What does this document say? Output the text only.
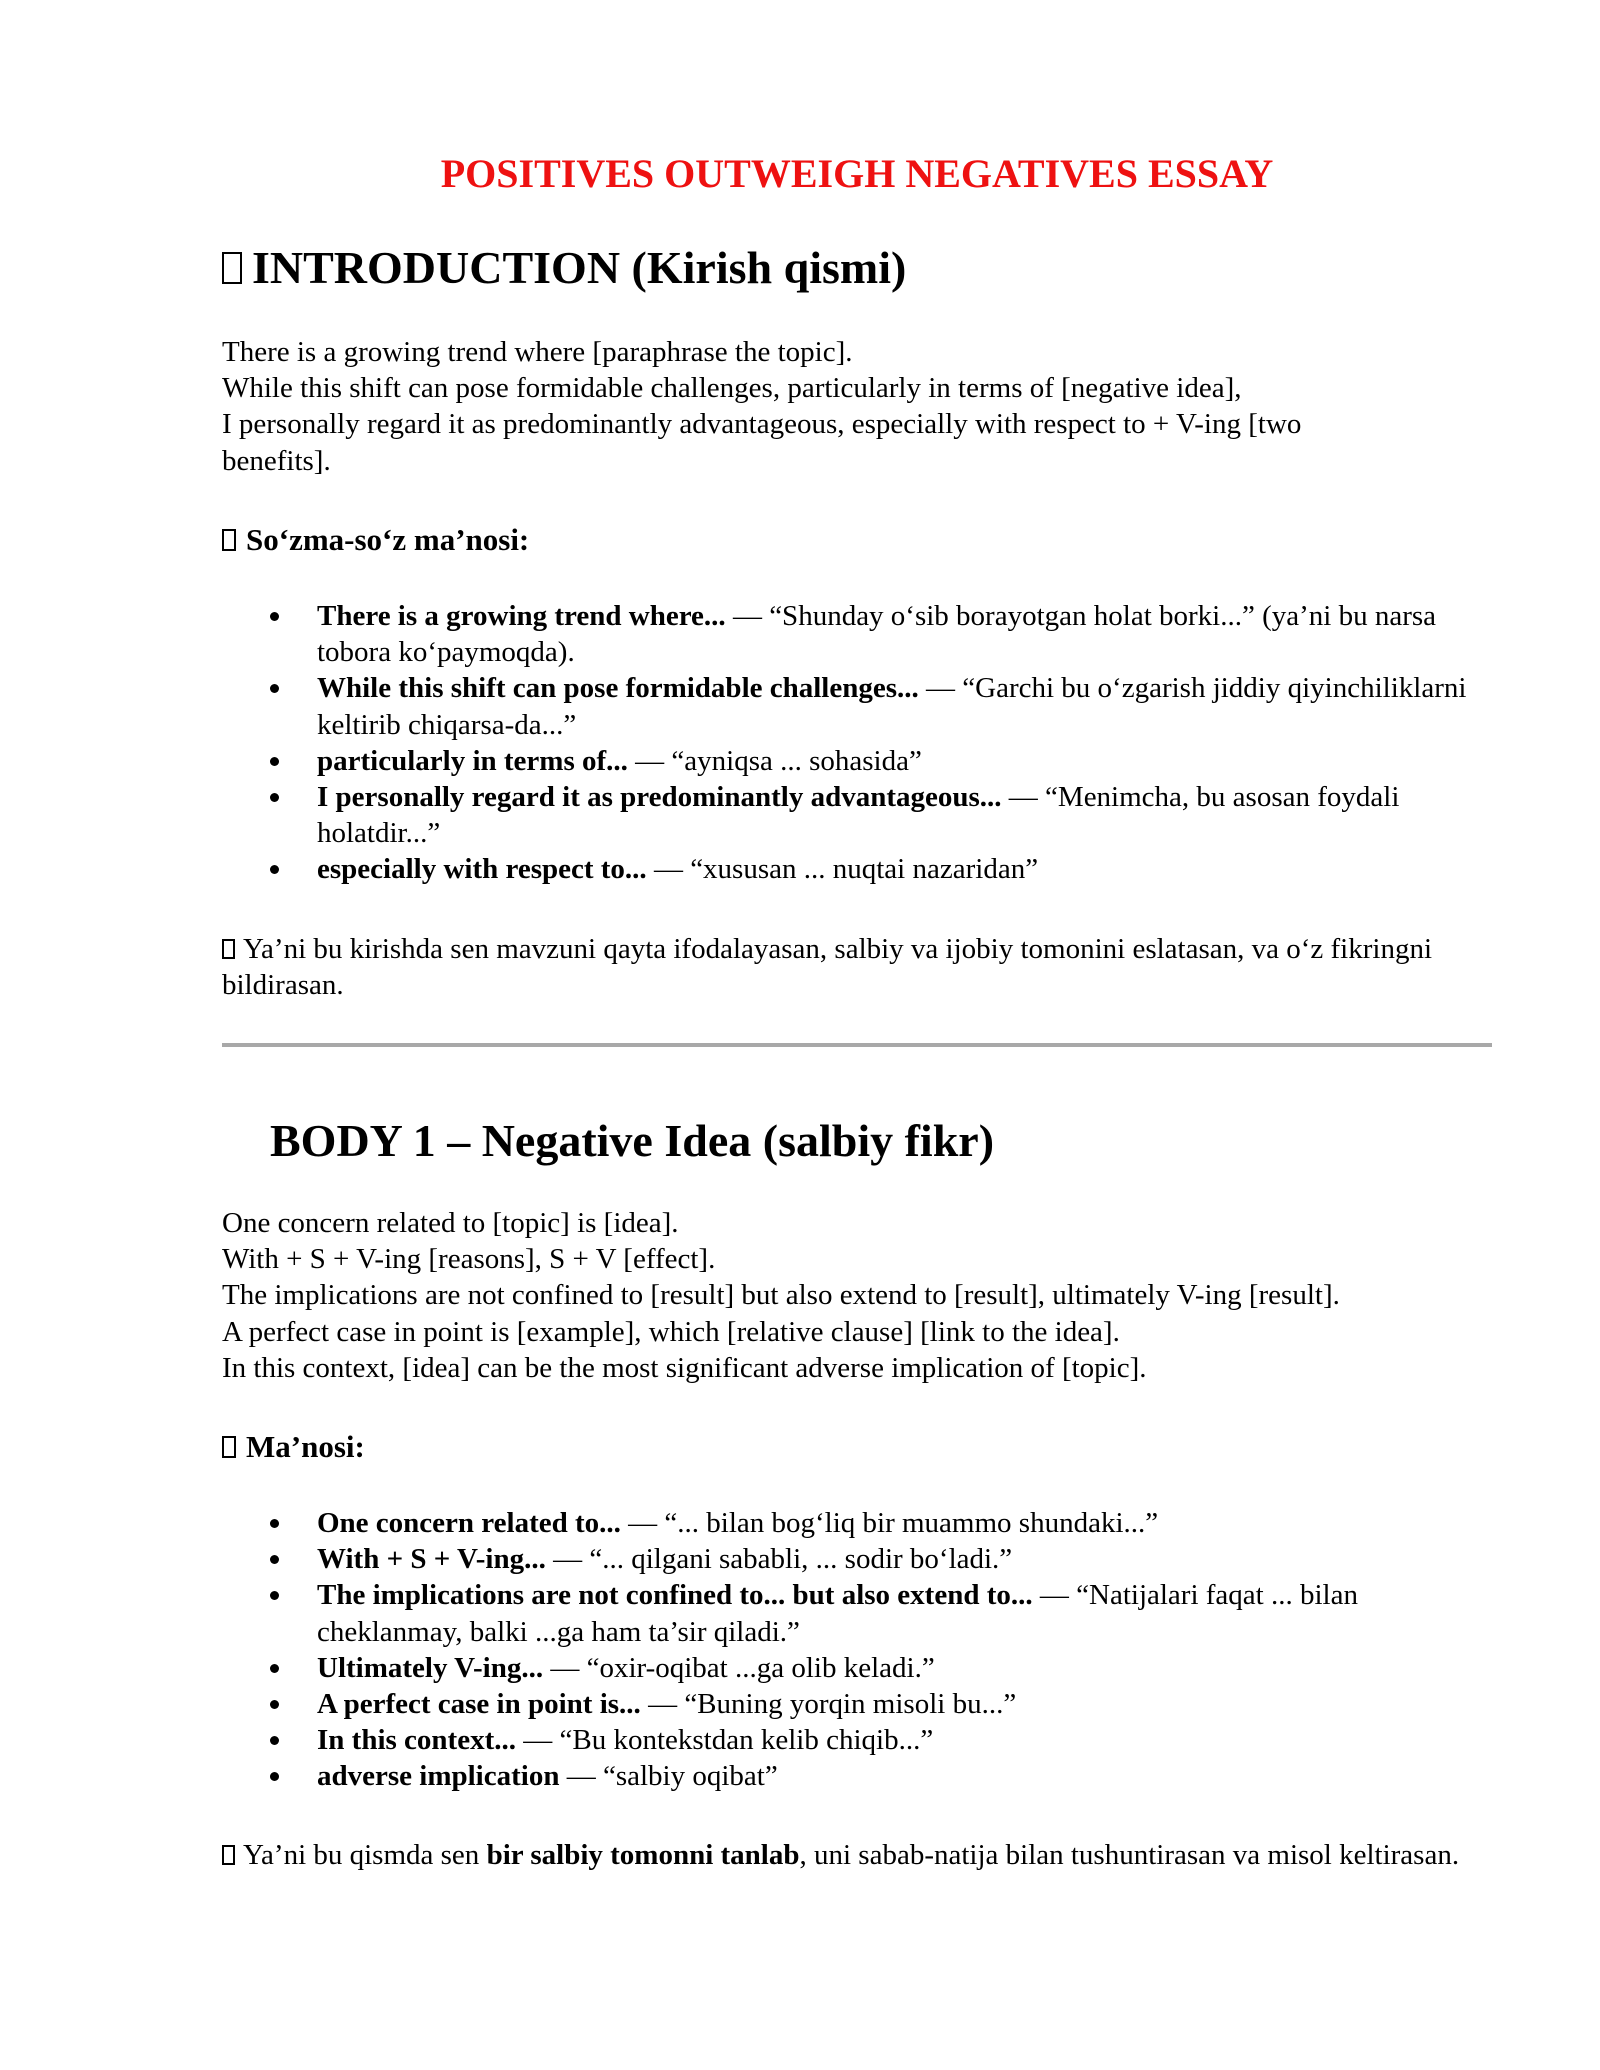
POSITIVES OUTWEIGH NEGATIVES ESSAY
INTRODUCTION (Kirish qismi)
There is a growing trend where [paraphrase the topic].
While this shift can pose formidable challenges, particularly in terms of [negative idea],
I personally regard it as predominantly advantageous, especially with respect to + V-ing [two
benefits].
So‘zma-so‘z ma’nosi:
There is a growing trend where... — “Shunday o‘sib borayotgan holat borki...” (ya’ni bu narsa tobora ko‘paymoqda).
While this shift can pose formidable challenges... — “Garchi bu o‘zgarish jiddiy qiyinchiliklarni keltirib chiqarsa-da...”
particularly in terms of... — “ayniqsa ... sohasida”
I personally regard it as predominantly advantageous... — “Menimcha, bu asosan foydali holatdir...”
especially with respect to... — “xususan ... nuqtai nazaridan”
Ya’ni bu kirishda sen mavzuni qayta ifodalayasan, salbiy va ijobiy tomonini eslatasan, va o‘z fikringni bildirasan.
BODY 1 – Negative Idea (salbiy fikr)
One concern related to [topic] is [idea].
With + S + V-ing [reasons], S + V [effect].
The implications are not confined to [result] but also extend to [result], ultimately V-ing [result].
A perfect case in point is [example], which [relative clause] [link to the idea].
In this context, [idea] can be the most significant adverse implication of [topic].
Ma’nosi:
One concern related to... — “... bilan bog‘liq bir muammo shundaki...”
With + S + V-ing... — “... qilgani sababli, ... sodir bo‘ladi.”
The implications are not confined to... but also extend to... — “Natijalari faqat ... bilan cheklanmay, balki ...ga ham ta’sir qiladi.”
Ultimately V-ing... — “oxir-oqibat ...ga olib keladi.”
A perfect case in point is... — “Buning yorqin misoli bu...”
In this context... — “Bu kontekstdan kelib chiqib...”
adverse implication — “salbiy oqibat”
Ya’ni bu qismda sen bir salbiy tomonni tanlab, uni sabab-natija bilan tushuntirasan va misol keltirasan.
